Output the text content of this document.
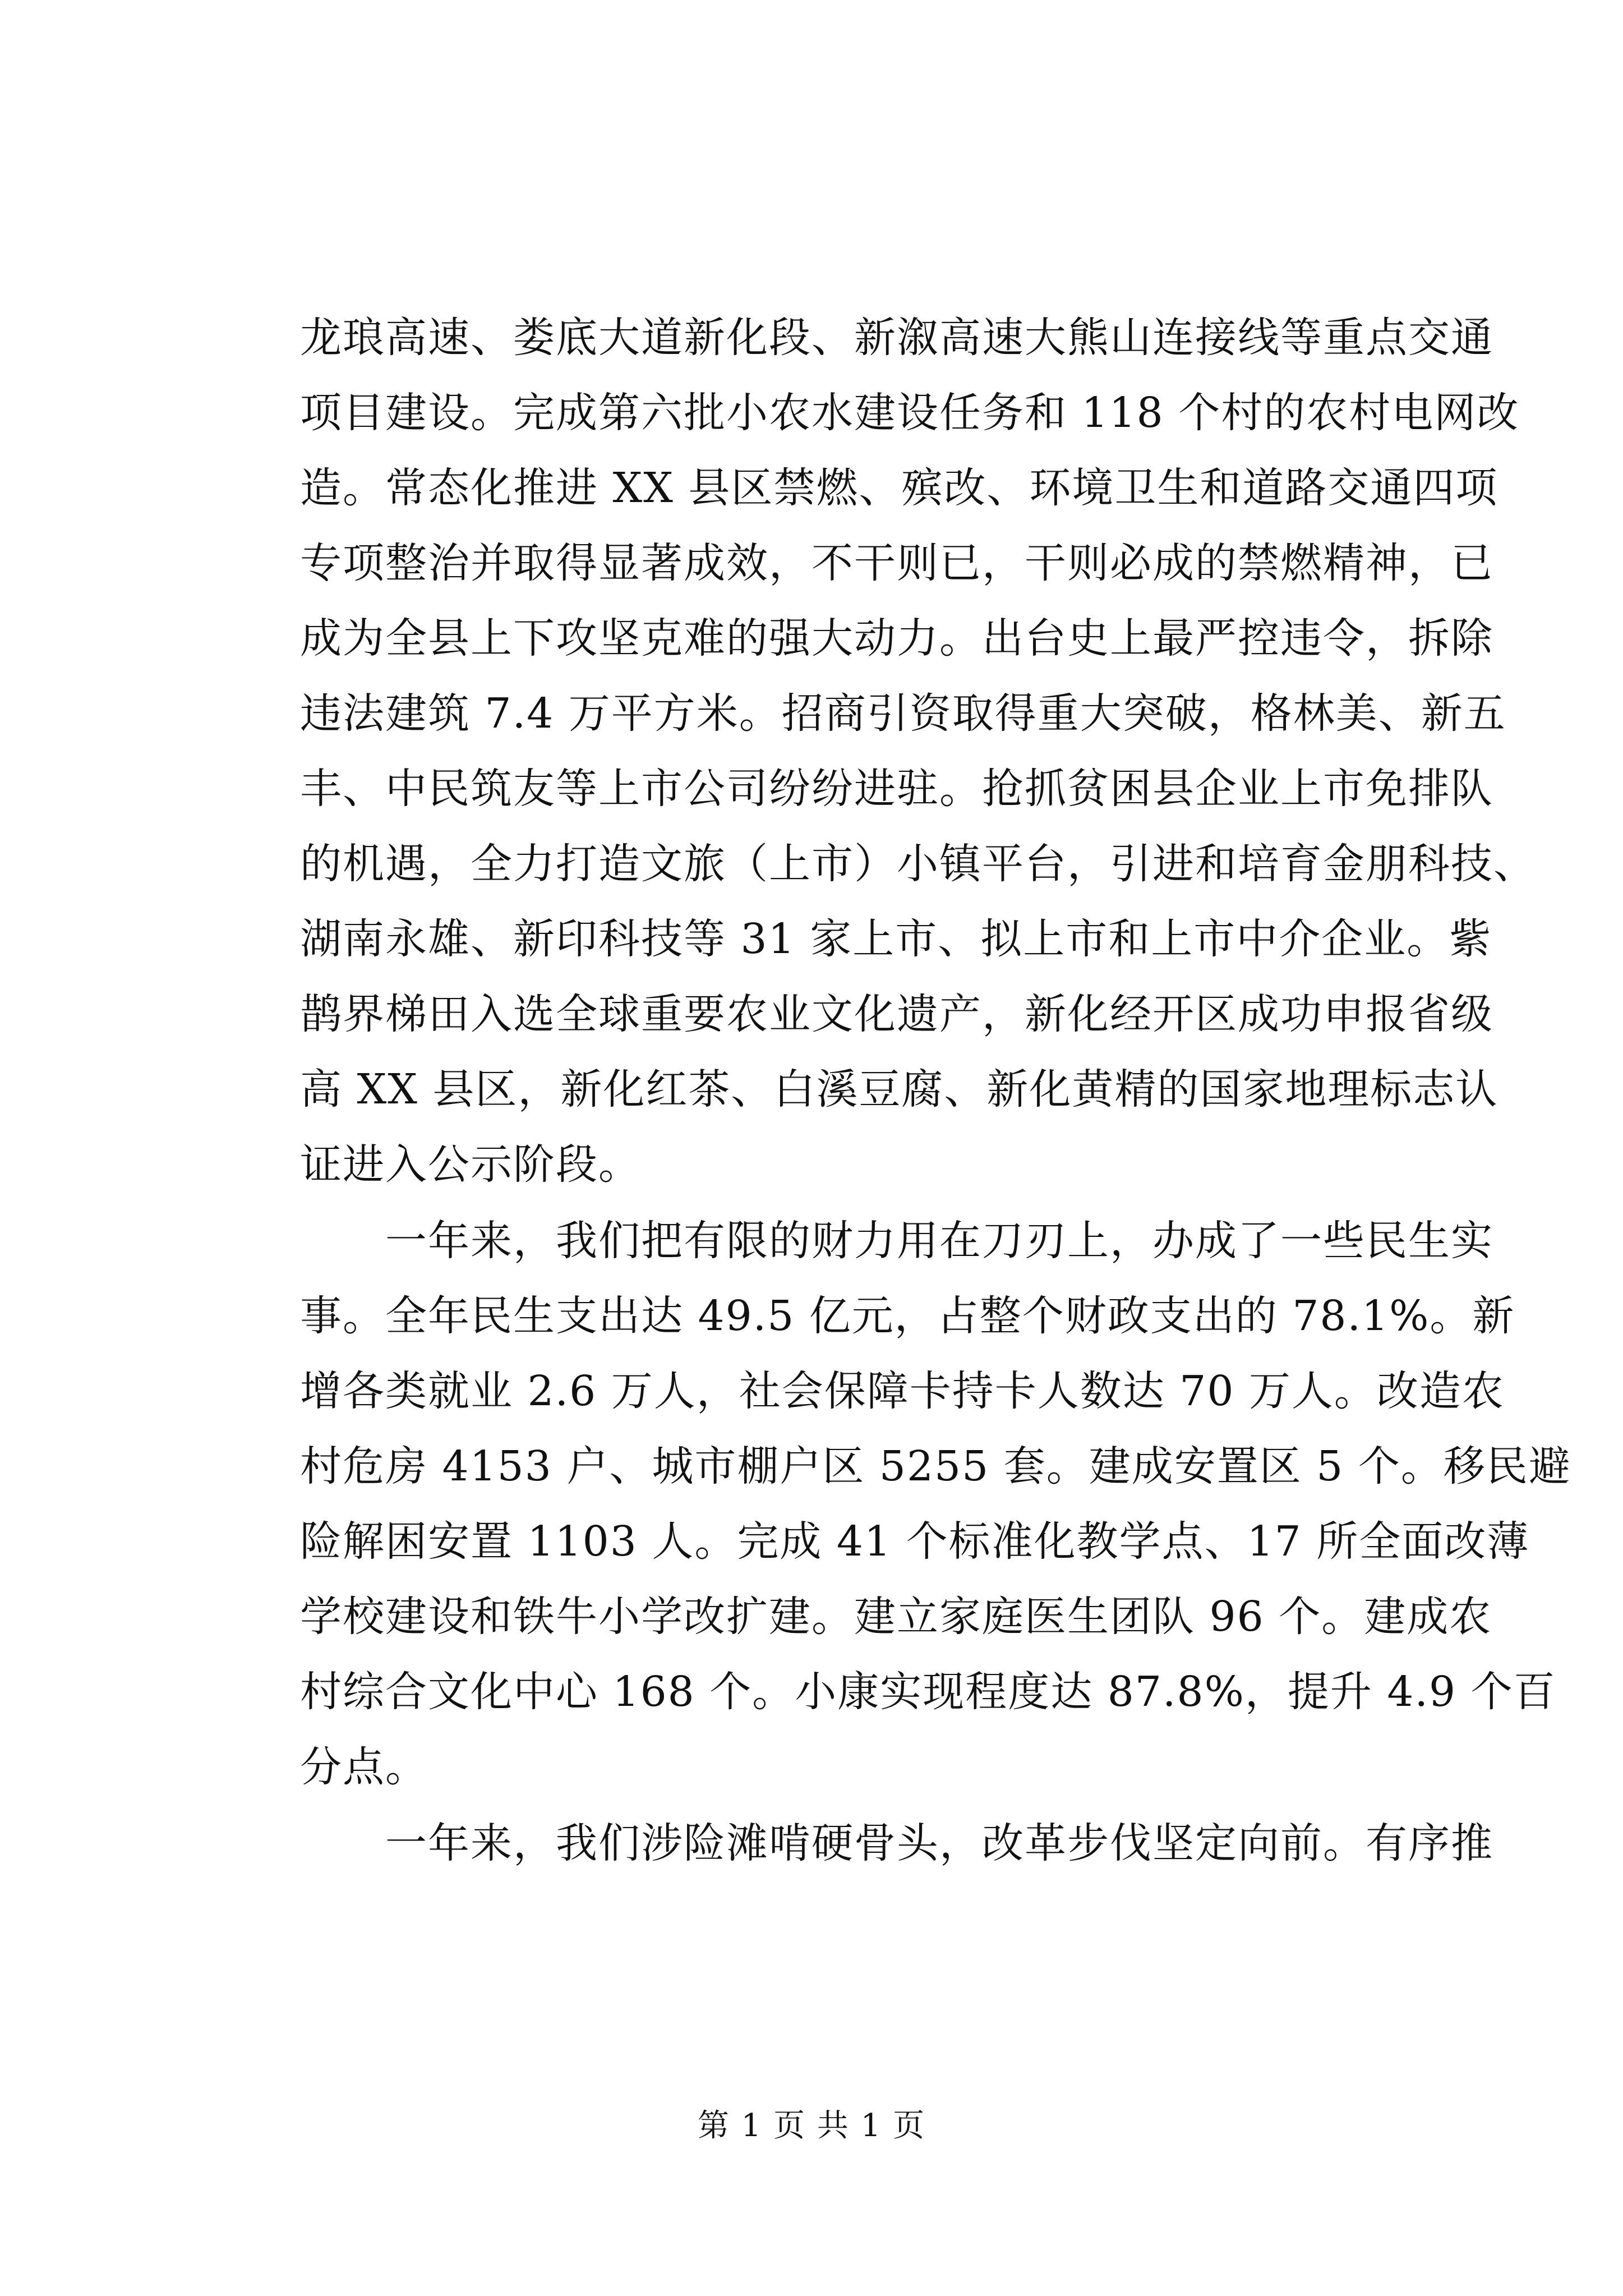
龙琅高速、娄底大道新化段、新溆高速大熊山连接线等重点交通
项目建设。完成第六批小农水建设任务和 118 个村的农村电网改
造。常态化推进 XX 县区禁燃、殡改、环境卫生和道路交通四项
专项整治并取得显著成效，不干则已，干则必成的禁燃精神，已
成为全县上下攻坚克难的强大动力。出台史上最严控违令，拆除
违法建筑 7.4 万平方米。招商引资取得重大突破，格林美、新五
丰、中民筑友等上市公司纷纷进驻。抢抓贫困县企业上市免排队
的机遇，全力打造文旅（上市）小镇平台，引进和培育金朋科技、
湖南永雄、新印科技等 31 家上市、拟上市和上市中介企业。紫
鹊界梯田入选全球重要农业文化遗产，新化经开区成功申报省级
高 XX 县区，新化红茶、白溪豆腐、新化黄精的国家地理标志认
证进入公示阶段。
　　一年来，我们把有限的财力用在刀刃上，办成了一些民生实
事。全年民生支出达 49.5 亿元，占整个财政支出的 78.1%。新
增各类就业 2.6 万人，社会保障卡持卡人数达 70 万人。改造农
村危房 4153 户、城市棚户区 5255 套。建成安置区 5 个。移民避
险解困安置 1103 人。完成 41 个标准化教学点、17 所全面改薄
学校建设和铁牛小学改扩建。建立家庭医生团队 96 个。建成农
村综合文化中心 168 个。小康实现程度达 87.8%，提升 4.9 个百
分点。
　　一年来，我们涉险滩啃硬骨头，改革步伐坚定向前。有序推
第 1 页 共 1 页
